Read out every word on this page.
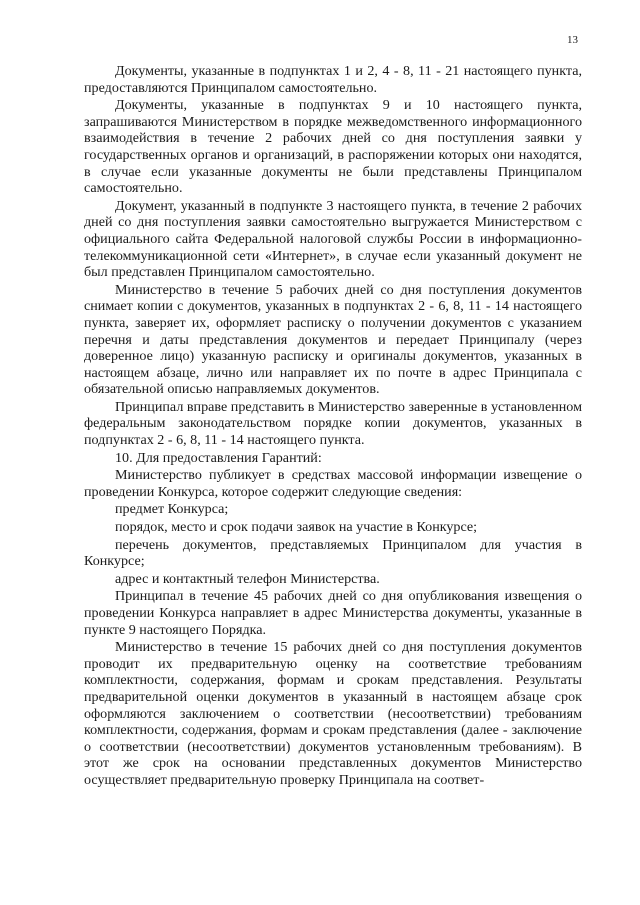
13

Документы, указанные в подпунктах 1 и 2, 4 - 8, 11 - 21 настоящего пункта, предоставляются Принципалом самостоятельно.

Документы, указанные в подпунктах 9 и 10 настоящего пункта, запрашиваются Министерством в порядке межведомственного информационного взаимодействия в течение 2 рабочих дней со дня поступления заявки у государственных органов и организаций, в распоряжении которых они находятся, в случае если указанные документы не были представлены Принципалом самостоятельно.

Документ, указанный в подпункте 3 настоящего пункта, в течение 2 рабочих дней со дня поступления заявки самостоятельно выгружается Министерством с официального сайта Федеральной налоговой службы России в информационно-телекоммуникационной сети «Интернет», в случае если указанный документ не был представлен Принципалом самостоятельно.

Министерство в течение 5 рабочих дней со дня поступления документов снимает копии с документов, указанных в подпунктах 2 - 6, 8, 11 - 14 настоящего пункта, заверяет их, оформляет расписку о получении документов с указанием перечня и даты представления документов и передает Принципалу (через доверенное лицо) указанную расписку и оригиналы документов, указанных в настоящем абзаце, лично или направляет их по почте в адрес Принципала с обязательной описью направляемых документов.

Принципал вправе представить в Министерство заверенные в установленном федеральным законодательством порядке копии документов, указанных в подпунктах 2 - 6, 8, 11 - 14 настоящего пункта.

10. Для предоставления Гарантий:

Министерство публикует в средствах массовой информации извещение о проведении Конкурса, которое содержит следующие сведения:

предмет Конкурса;

порядок, место и срок подачи заявок на участие в Конкурсе;

перечень документов, представляемых Принципалом для участия в Конкурсе;

адрес и контактный телефон Министерства.

Принципал в течение 45 рабочих дней со дня опубликования извещения о проведении Конкурса направляет в адрес Министерства документы, указанные в пункте 9 настоящего Порядка.

Министерство в течение 15 рабочих дней со дня поступления документов проводит их предварительную оценку на соответствие требованиям комплектности, содержания, формам и срокам представления. Результаты предварительной оценки документов в указанный в настоящем абзаце срок оформляются заключением о соответствии (несоответствии) требованиям комплектности, содержания, формам и срокам представления (далее - заключение о соответствии (несоответствии) документов установленным требованиям). В этот же срок на основании представленных документов Министерство осуществляет предварительную проверку Принципала на соответ-
